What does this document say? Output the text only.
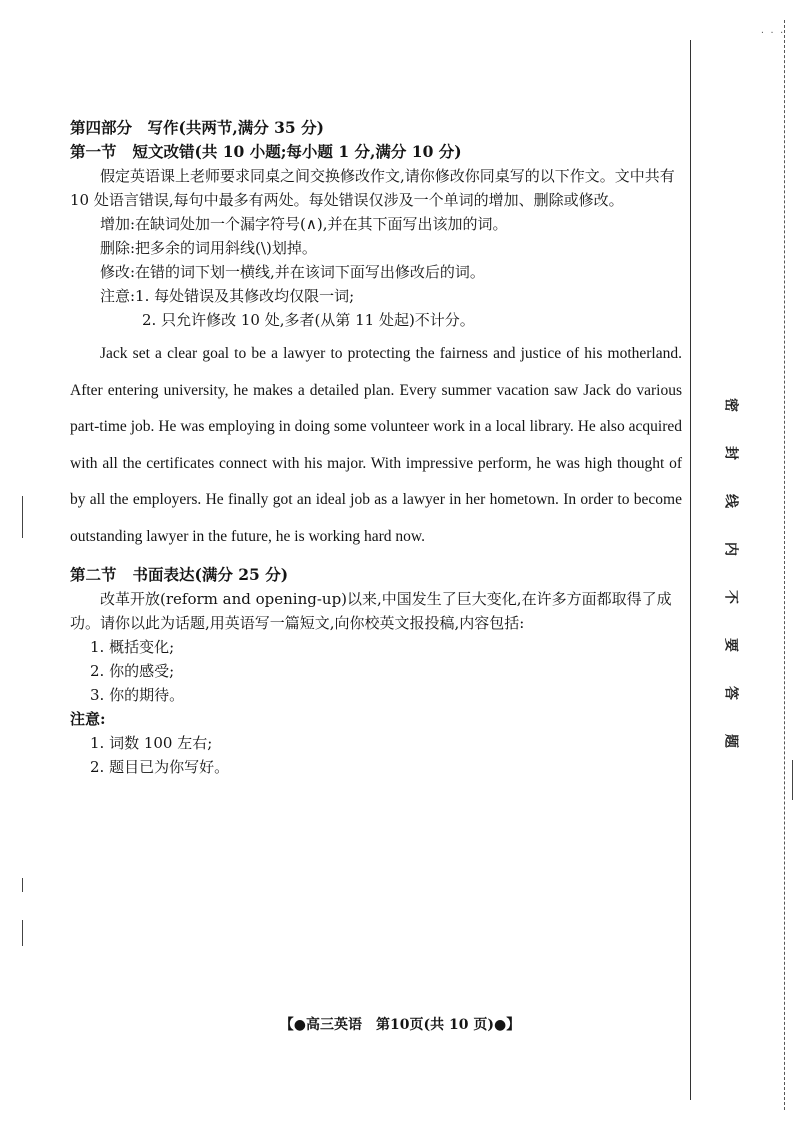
第四部分　写作(共两节,满分 35 分)
第一节 短文改错(共 10 小题;每小题 1 分,满分 10 分)
假定英语课上老师要求同桌之间交换修改作文,请你修改你同桌写的以下作文。文中共有
10 处语言错误,每句中最多有两处。每处错误仅涉及一个单词的增加、删除或修改。
增加:在缺词处加一个漏字符号(∧),并在其下面写出该加的词。
删除:把多余的词用斜线(\)划掉。
修改:在错的词下划一横线,并在该词下面写出修改后的词。
注意:1. 每处错误及其修改均仅限一词;
2. 只允许修改 10 处,多者(从第 11 处起)不计分。

Jack set a clear goal to be a lawyer to protecting the fairness and justice of his motherland. After entering university, he makes a detailed plan. Every summer vacation saw Jack do various part-time job. He was employing in doing some volunteer work in a local library. He also acquired with all the certificates connect with his major. With impressive perform, he was high thought of by all the employers. He finally got an ideal job as a lawyer in her hometown. In order to become outstanding lawyer in the future, he is working hard now.

第二节 书面表达(满分 25 分)
改革开放(reform and opening-up)以来,中国发生了巨大变化,在许多方面都取得了成功。请你以此为话题,用英语写一篇短文,向你校英文报投稿,内容包括:
1. 概括变化;
2. 你的感受;
3. 你的期待。
注意:
1. 词数 100 左右;
2. 题目已为你写好。
· · ·
密
封
线
内
不
要
答
题
【●高三英语　第10页(共 10 页)●】
